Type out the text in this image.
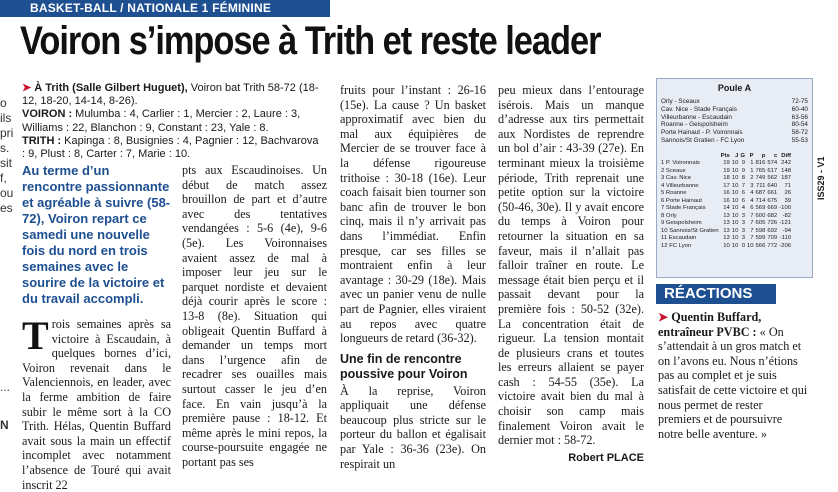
BASKET-BALL / NATIONALE 1 FÉMININE
Voiron s’impose à Trith et reste leader
o
ils
pri
s.
sit
f,
ou
es
...
N
➤ À Trith (Salle Gilbert Huguet), Voiron bat Trith 58-72 (18-12, 18-20, 14-14, 8-26).
VOIRON : Mulumba : 4, Carlier : 1, Mercier : 2, Laure : 3, Williams : 22, Blanchon : 9, Constant : 23, Yale : 8.
TRITH : Kapinga : 8, Busignies : 4, Pagnier : 12, Bachvarova : 9, Plust : 8, Carter : 7, Marie : 10.
Au terme d’un rencontre passionnante et agréable à suivre (58-72), Voiron repart ce samedi une nouvelle fois du nord en trois semaines avec le sourire de la victoire et du travail accompli.
Trois semaines après sa victoire à Escaudain, à quelques bornes d’ici, Voiron revenait dans le Valenciennois, en leader, avec la ferme ambition de faire subir le même sort à la CO Trith. Hélas, Quentin Buffard avait sous la main un effectif incomplet avec notamment l’absence de Touré qui avait inscrit 22
pts aux Escaudinoises. Un début de match assez brouillon de part et d’autre avec des tentatives vendangées : 5-6 (4e), 9-6 (5e). Les Voironnaises avaient assez de mal à imposer leur jeu sur le parquet nordiste et devaient déjà courir après le score : 13-8 (8e). Situation qui obligeait Quentin Buffard à demander un temps mort dans l’urgence afin de recadrer ses ouailles mais surtout casser le jeu d’en face. En vain jusqu’à la première pause : 18-12. Et même après le mini repos, la course-poursuite engagée ne portant pas ses
fruits pour l’instant : 26-16 (15e). La cause ? Un basket approximatif avec bien du mal aux équipières de Mercier de se trouver face à la défense rigoureuse trithoise : 30-18 (16e). Leur coach faisait bien tourner son banc afin de trouver le bon cinq, mais il n’y arrivait pas dans l’immédiat. Enfin presque, car ses filles se montraient enfin à leur avantage : 30-29 (18e). Mais avec un panier venu de nulle part de Pagnier, elles viraient au repos avec quatre longueurs de retard (36-32).
Une fin de rencontre poussive pour Voiron
À la reprise, Voiron appliquait une défense beaucoup plus stricte sur le porteur du ballon et égalisait par Yale : 36-36 (23e). On respirait un
peu mieux dans l’entourage isérois. Mais un manque d’adresse aux tirs permettait aux Nordistes de reprendre un bol d’air : 43-39 (27e). En terminant mieux la troisième période, Trith reprenait une petite option sur la victoire (50-46, 30e). Il y avait encore du temps à Voiron pour retourner la situation en sa faveur, mais il n’allait pas falloir traîner en route. Le message était bien perçu et il passait devant pour la première fois : 50-52 (32e). La concentration était de rigueur. La tension montait de plusieurs crans et toutes les erreurs allaient se payer cash : 54-55 (35e). La victoire avait bien du mal à choisir son camp mais finalement Voiron avait le dernier mot : 58-72.
Robert PLACE
Poule A
Orly - Sceaux	72-75
Cav. Nice - Stade Français	60-40
Villeurbanne - Escaudain	63-56
Roanne - Geispolsheim	80-54
Porte Hainaut - P. Voironnais	58-72
Sannois/St Gratien - FC Lyon	55-53
	Pts	J	G	P	p	c	Diff
1 P. Voironnais	19	10	9	1	816	574	242
2 Sceaux	19	10	9	1	765	617	148
3 Cav. Nice	18	10	8	2	749	562	187
4 Villeurbanne	17	10	7	3	711	640	71
5 Roanne	16	10	6	4	687	661	26
6 Porte Hainaut	16	10	6	4	714	675	39
7 Stade Français	14	10	4	6	569	669	-100
8 Orly	13	10	3	7	600	682	-82
9 Geispolsheim	13	10	3	7	605	726	-121
10 Sannois/St Gratien	13	10	3	7	598	692	-94
11 Escaudain	13	10	3	7	599	709	-110
12 FC Lyon	10	10	0	10	566	772	-206
ISS29 - V1
RÉACTIONS
➤ Quentin Buffard, entraîneur PVBC : « On s’attendait à un gros match et on l’avons eu. Nous n’étions pas au complet et je suis satisfait de cette victoire et qui nous permet de rester premiers et de poursuivre notre belle aventure. »
